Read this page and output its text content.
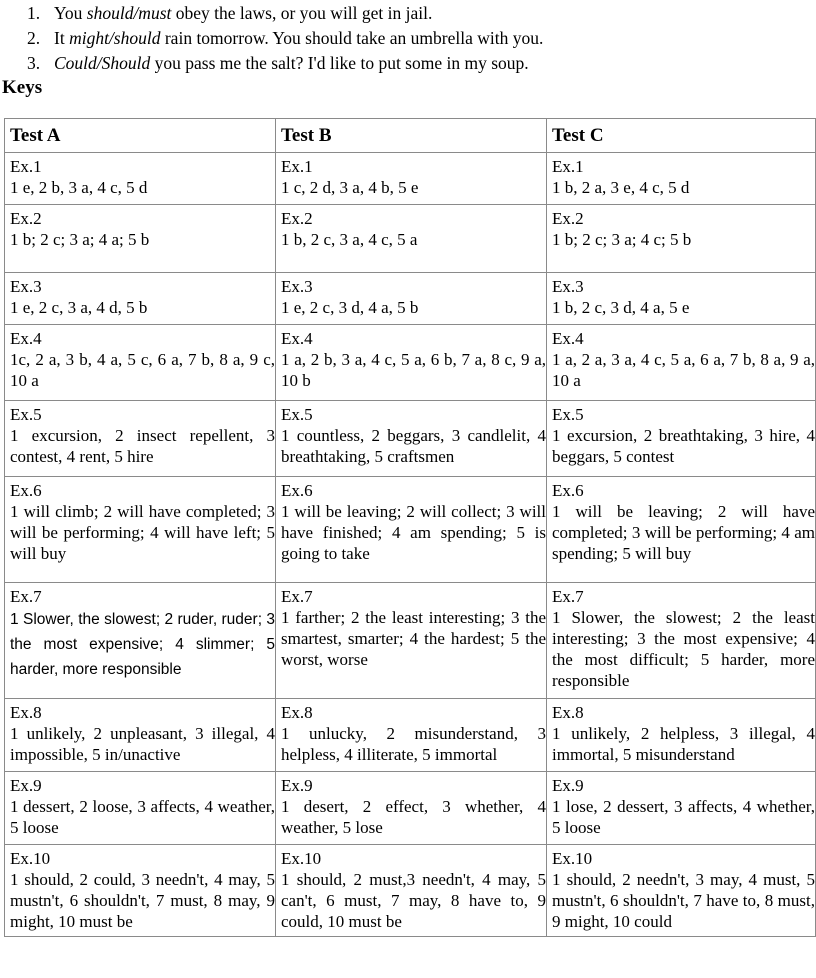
1. You should/must obey the laws, or you will get in jail.
2. It might/should rain tomorrow. You should take an umbrella with you.
3. Could/Should you pass me the salt? I'd like to put some in my soup.
Keys
Test A	Test B	Test C

Ex.1
1 e, 2 b, 3 a, 4 c, 5 d	Ex.1
1 c, 2 d, 3 a, 4 b, 5 e	Ex.1
1 b, 2 a, 3 e, 4 c, 5 d

Ex.2
1 b; 2 c; 3 a; 4 a; 5 b	Ex.2
1 b, 2 c, 3 a, 4 c, 5 a	Ex.2
1 b; 2 c; 3 a; 4 c; 5 b

Ex.3
1 e, 2 c, 3 a, 4 d, 5 b	Ex.3
1 e, 2 c, 3 d, 4 a, 5 b	Ex.3
1 b, 2 c, 3 d, 4 a, 5 e

Ex.4
1c, 2 a, 3 b, 4 a, 5 c, 6 a, 7 b, 8 a, 9 c, 10 a	Ex.4
1 a, 2 b, 3 a, 4 c, 5 a, 6 b, 7 a, 8 c, 9 a, 10 b	Ex.4
1 a, 2 a, 3 a, 4 c, 5 a, 6 a, 7 b, 8 a, 9 a, 10 a

Ex.5
1 excursion, 2 insect repellent, 3 contest, 4 rent, 5 hire	Ex.5
1 countless, 2 beggars, 3 candlelit, 4 breathtaking, 5 craftsmen	Ex.5
1 excursion, 2 breathtaking, 3 hire, 4 beggars, 5 contest

Ex.6
1 will climb; 2 will have completed; 3 will be performing; 4 will have left; 5 will buy	Ex.6
1 will be leaving; 2 will collect; 3 will have finished; 4 am spending; 5 is going to take	Ex.6
1 will be leaving; 2 will have completed; 3 will be performing; 4 am spending; 5 will buy

Ex.7
1 Slower, the slowest; 2 ruder, ruder; 3 the most expensive; 4 slimmer; 5 harder, more responsible	Ex.7
1 farther; 2 the least interesting; 3 the smartest, smarter; 4 the hardest; 5 the worst, worse	Ex.7
1 Slower, the slowest; 2 the least interesting; 3 the most expensive; 4 the most difficult; 5 harder, more responsible

Ex.8
1 unlikely, 2 unpleasant, 3 illegal, 4 impossible, 5 in/unactive	Ex.8
1 unlucky, 2 misunderstand, 3 helpless, 4 illiterate, 5 immortal	Ex.8
1 unlikely, 2 helpless, 3 illegal, 4 immortal, 5 misunderstand

Ex.9
1 dessert, 2 loose, 3 affects, 4 weather, 5 loose	Ex.9
1 desert, 2 effect, 3 whether, 4 weather, 5 lose	Ex.9
1 lose, 2 dessert, 3 affects, 4 whether, 5 loose

Ex.10
1 should, 2 could, 3 needn't, 4 may, 5 mustn't, 6 shouldn't, 7 must, 8 may, 9 might, 10 must be	Ex.10
1 should, 2 must,3 needn't, 4 may, 5 can't, 6 must, 7 may, 8 have to, 9 could, 10 must be	Ex.10
1 should, 2 needn't, 3 may, 4 must, 5 mustn't, 6 shouldn't, 7 have to, 8 must, 9 might, 10 could
